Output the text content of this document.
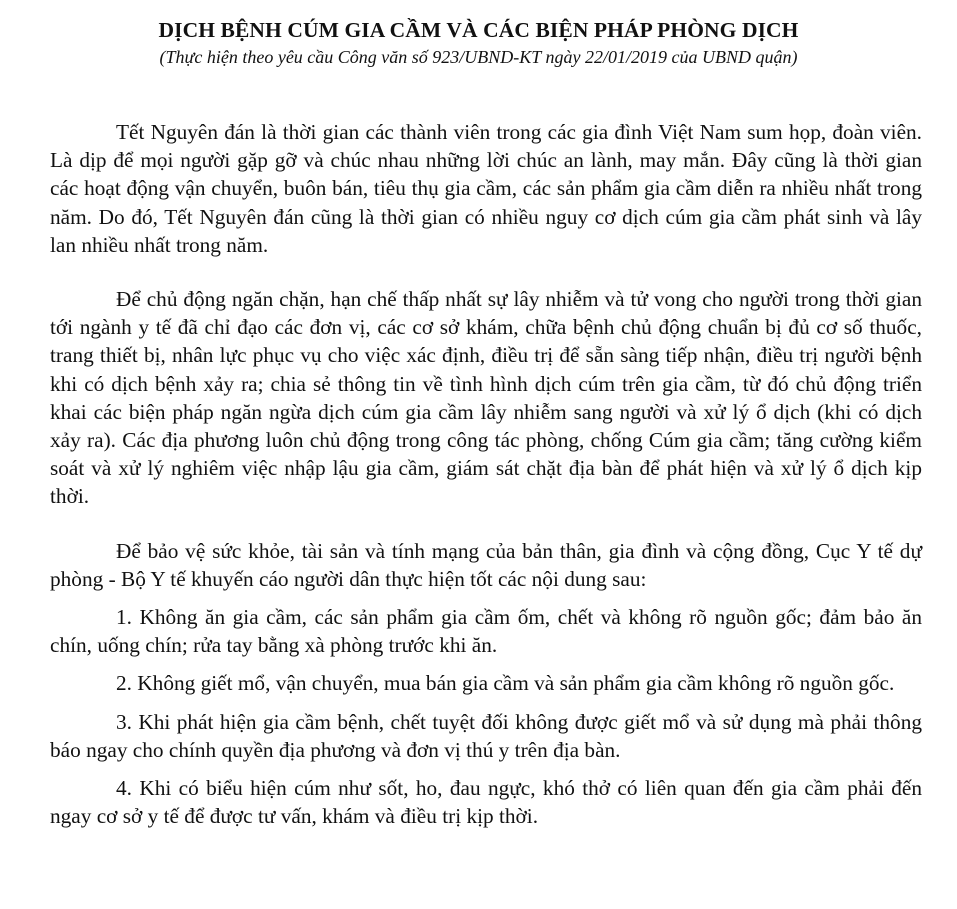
DỊCH BỆNH CÚM GIA CẦM VÀ CÁC BIỆN PHÁP PHÒNG DỊCH
(Thực hiện theo yêu cầu Công văn số 923/UBND-KT ngày 22/01/2019 của UBND quận)

Tết Nguyên đán là thời gian các thành viên trong các gia đình Việt Nam sum họp, đoàn viên. Là dịp để mọi người gặp gỡ và chúc nhau những lời chúc an lành, may mắn. Đây cũng là thời gian các hoạt động vận chuyển, buôn bán, tiêu thụ gia cầm, các sản phẩm gia cầm diễn ra nhiều nhất trong năm. Do đó, Tết Nguyên đán cũng là thời gian có nhiều nguy cơ dịch cúm gia cầm phát sinh và lây lan nhiều nhất trong năm.

Để chủ động ngăn chặn, hạn chế thấp nhất sự lây nhiễm và tử vong cho người trong thời gian tới ngành y tế đã chỉ đạo các đơn vị, các cơ sở khám, chữa bệnh chủ động chuẩn bị đủ cơ số thuốc, trang thiết bị, nhân lực phục vụ cho việc xác định, điều trị để sẵn sàng tiếp nhận, điều trị người bệnh khi có dịch bệnh xảy ra; chia sẻ thông tin về tình hình dịch cúm trên gia cầm, từ đó chủ động triển khai các biện pháp ngăn ngừa dịch cúm gia cầm lây nhiễm sang người và xử lý ổ dịch (khi có dịch xảy ra). Các địa phương luôn chủ động trong công tác phòng, chống Cúm gia cầm; tăng cường kiểm soát và xử lý nghiêm việc nhập lậu gia cầm, giám sát chặt địa bàn để phát hiện và xử lý ổ dịch kịp thời.

Để bảo vệ sức khỏe, tài sản và tính mạng của bản thân, gia đình và cộng đồng, Cục Y tế dự phòng - Bộ Y tế khuyến cáo người dân thực hiện tốt các nội dung sau:

1. Không ăn gia cầm, các sản phẩm gia cầm ốm, chết và không rõ nguồn gốc; đảm bảo ăn chín, uống chín; rửa tay bằng xà phòng trước khi ăn.

2. Không giết mổ, vận chuyển, mua bán gia cầm và sản phẩm gia cầm không rõ nguồn gốc.

3. Khi phát hiện gia cầm bệnh, chết tuyệt đối không được giết mổ và sử dụng mà phải thông báo ngay cho chính quyền địa phương và đơn vị thú y trên địa bàn.

4. Khi có biểu hiện cúm như sốt, ho, đau ngực, khó thở có liên quan đến gia cầm phải đến ngay cơ sở y tế để được tư vấn, khám và điều trị kịp thời.
